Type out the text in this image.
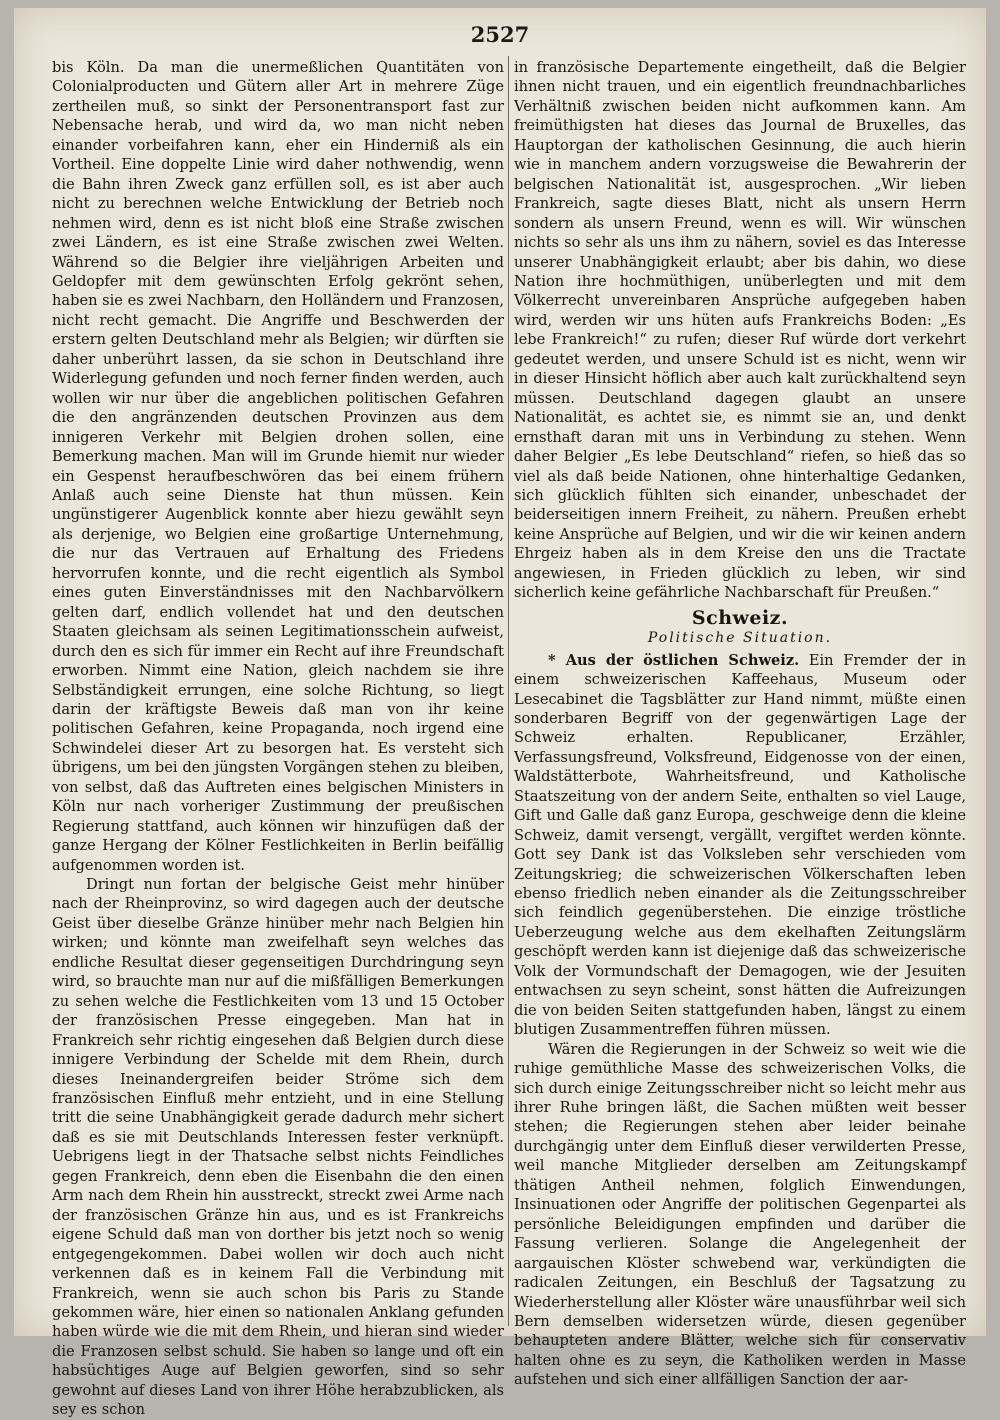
2527

bis Köln. Da man die unermeßlichen Quantitäten von Colonialproducten und Gütern aller Art in mehrere Züge zertheilen muß, so sinkt der Personentransport fast zur Nebensache herab, und wird da, wo man nicht neben einander vorbeifahren kann, eher ein Hinderniß als ein Vortheil. Eine doppelte Linie wird daher nothwendig, wenn die Bahn ihren Zweck ganz erfüllen soll, es ist aber auch nicht zu berechnen welche Entwicklung der Betrieb noch nehmen wird, denn es ist nicht bloß eine Straße zwischen zwei Ländern, es ist eine Straße zwischen zwei Welten. Während so die Belgier ihre vieljährigen Arbeiten und Geldopfer mit dem gewünschten Erfolg gekrönt sehen, haben sie es zwei Nachbarn, den Holländern und Franzosen, nicht recht gemacht. Die Angriffe und Beschwerden der erstern gelten Deutschland mehr als Belgien; wir dürften sie daher unberührt lassen, da sie schon in Deutschland ihre Widerlegung gefunden und noch ferner finden werden, auch wollen wir nur über die angeblichen politischen Gefahren die den angränzenden deutschen Provinzen aus dem innigeren Verkehr mit Belgien drohen sollen, eine Bemerkung machen. Man will im Grunde hiemit nur wieder ein Gespenst heraufbeschwören das bei einem frühern Anlaß auch seine Dienste hat thun müssen. Kein ungünstigerer Augenblick konnte aber hiezu gewählt seyn als derjenige, wo Belgien eine großartige Unternehmung, die nur das Vertrauen auf Erhaltung des Friedens hervorrufen konnte, und die recht eigentlich als Symbol eines guten Einverständnisses mit den Nachbarvölkern gelten darf, endlich vollendet hat und den deutschen Staaten gleichsam als seinen Legitimationsschein aufweist, durch den es sich für immer ein Recht auf ihre Freundschaft erworben. Nimmt eine Nation, gleich nachdem sie ihre Selbständigkeit errungen, eine solche Richtung, so liegt darin der kräftigste Beweis daß man von ihr keine politischen Gefahren, keine Propaganda, noch irgend eine Schwindelei dieser Art zu besorgen hat. Es versteht sich übrigens, um bei den jüngsten Vorgängen stehen zu bleiben, von selbst, daß das Auftreten eines belgischen Ministers in Köln nur nach vorheriger Zustimmung der preußischen Regierung stattfand, auch können wir hinzufügen daß der ganze Hergang der Kölner Festlichkeiten in Berlin beifällig aufgenommen worden ist.

Dringt nun fortan der belgische Geist mehr hinüber nach der Rheinprovinz, so wird dagegen auch der deutsche Geist über dieselbe Gränze hinüber mehr nach Belgien hin wirken; und könnte man zweifelhaft seyn welches das endliche Resultat dieser gegenseitigen Durchdringung seyn wird, so brauchte man nur auf die mißfälligen Bemerkungen zu sehen welche die Festlichkeiten vom 13 und 15 October der französischen Presse eingegeben. Man hat in Frankreich sehr richtig eingesehen daß Belgien durch diese innigere Verbindung der Schelde mit dem Rhein, durch dieses Ineinandergreifen beider Ströme sich dem französischen Einfluß mehr entzieht, und in eine Stellung tritt die seine Unabhängigkeit gerade dadurch mehr sichert daß es sie mit Deutschlands Interessen fester verknüpft. Uebrigens liegt in der Thatsache selbst nichts Feindliches gegen Frankreich, denn eben die Eisenbahn die den einen Arm nach dem Rhein hin ausstreckt, streckt zwei Arme nach der französischen Gränze hin aus, und es ist Frankreichs eigene Schuld daß man von dorther bis jetzt noch so wenig entgegengekommen. Dabei wollen wir doch auch nicht verkennen daß es in keinem Fall die Verbindung mit Frankreich, wenn sie auch schon bis Paris zu Stande gekommen wäre, hier einen so nationalen Anklang gefunden haben würde wie die mit dem Rhein, und hieran sind wieder die Franzosen selbst schuld. Sie haben so lange und oft ein habsüchtiges Auge auf Belgien geworfen, sind so sehr gewohnt auf dieses Land von ihrer Höhe herabzublicken, als sey es schon

in französische Departemente eingetheilt, daß die Belgier ihnen nicht trauen, und ein eigentlich freundnachbarliches Verhältniß zwischen beiden nicht aufkommen kann. Am freimüthigsten hat dieses das Journal de Bruxelles, das Hauptorgan der katholischen Gesinnung, die auch hierin wie in manchem andern vorzugsweise die Bewahrerin der belgischen Nationalität ist, ausgesprochen. „Wir lieben Frankreich, sagte dieses Blatt, nicht als unsern Herrn sondern als unsern Freund, wenn es will. Wir wünschen nichts so sehr als uns ihm zu nähern, soviel es das Interesse unserer Unabhängigkeit erlaubt; aber bis dahin, wo diese Nation ihre hochmüthigen, unüberlegten und mit dem Völkerrecht unvereinbaren Ansprüche aufgegeben haben wird, werden wir uns hüten aufs Frankreichs Boden: „Es lebe Frankreich!“ zu rufen; dieser Ruf würde dort verkehrt gedeutet werden, und unsere Schuld ist es nicht, wenn wir in dieser Hinsicht höflich aber auch kalt zurückhaltend seyn müssen. Deutschland dagegen glaubt an unsere Nationalität, es achtet sie, es nimmt sie an, und denkt ernsthaft daran mit uns in Verbindung zu stehen. Wenn daher Belgier „Es lebe Deutschland“ riefen, so hieß das so viel als daß beide Nationen, ohne hinterhaltige Gedanken, sich glücklich fühlten sich einander, unbeschadet der beiderseitigen innern Freiheit, zu nähern. Preußen erhebt keine Ansprüche auf Belgien, und wir die wir keinen andern Ehrgeiz haben als in dem Kreise den uns die Tractate angewiesen, in Frieden glücklich zu leben, wir sind sicherlich keine gefährliche Nachbarschaft für Preußen.“

Schweiz.
Politische Situation.

* Aus der östlichen Schweiz. Ein Fremder der in einem schweizerischen Kaffeehaus, Museum oder Lesecabinet die Tagsblätter zur Hand nimmt, müßte einen sonderbaren Begriff von der gegenwärtigen Lage der Schweiz erhalten. Republicaner, Erzähler, Verfassungsfreund, Volksfreund, Eidgenosse von der einen, Waldstätterbote, Wahrheitsfreund, und Katholische Staatszeitung von der andern Seite, enthalten so viel Lauge, Gift und Galle daß ganz Europa, geschweige denn die kleine Schweiz, damit versengt, vergällt, vergiftet werden könnte. Gott sey Dank ist das Volksleben sehr verschieden vom Zeitungskrieg; die schweizerischen Völkerschaften leben ebenso friedlich neben einander als die Zeitungsschreiber sich feindlich gegenüberstehen. Die einzige tröstliche Ueberzeugung welche aus dem ekelhaften Zeitungslärm geschöpft werden kann ist diejenige daß das schweizerische Volk der Vormundschaft der Demagogen, wie der Jesuiten entwachsen zu seyn scheint, sonst hätten die Aufreizungen die von beiden Seiten stattgefunden haben, längst zu einem blutigen Zusammentreffen führen müssen.

Wären die Regierungen in der Schweiz so weit wie die ruhige gemüthliche Masse des schweizerischen Volks, die sich durch einige Zeitungsschreiber nicht so leicht mehr aus ihrer Ruhe bringen läßt, die Sachen müßten weit besser stehen; die Regierungen stehen aber leider beinahe durchgängig unter dem Einfluß dieser verwilderten Presse, weil manche Mitglieder derselben am Zeitungskampf thätigen Antheil nehmen, folglich Einwendungen, Insinuationen oder Angriffe der politischen Gegenpartei als persönliche Beleidigungen empfinden und darüber die Fassung verlieren. Solange die Angelegenheit der aargauischen Klöster schwebend war, verkündigten die radicalen Zeitungen, ein Beschluß der Tagsatzung zu Wiederherstellung aller Klöster wäre unausführbar weil sich Bern demselben widersetzen würde, diesen gegenüber behaupteten andere Blätter, welche sich für conservativ halten ohne es zu seyn, die Katholiken werden in Masse aufstehen und sich einer allfälligen Sanction der aar-
